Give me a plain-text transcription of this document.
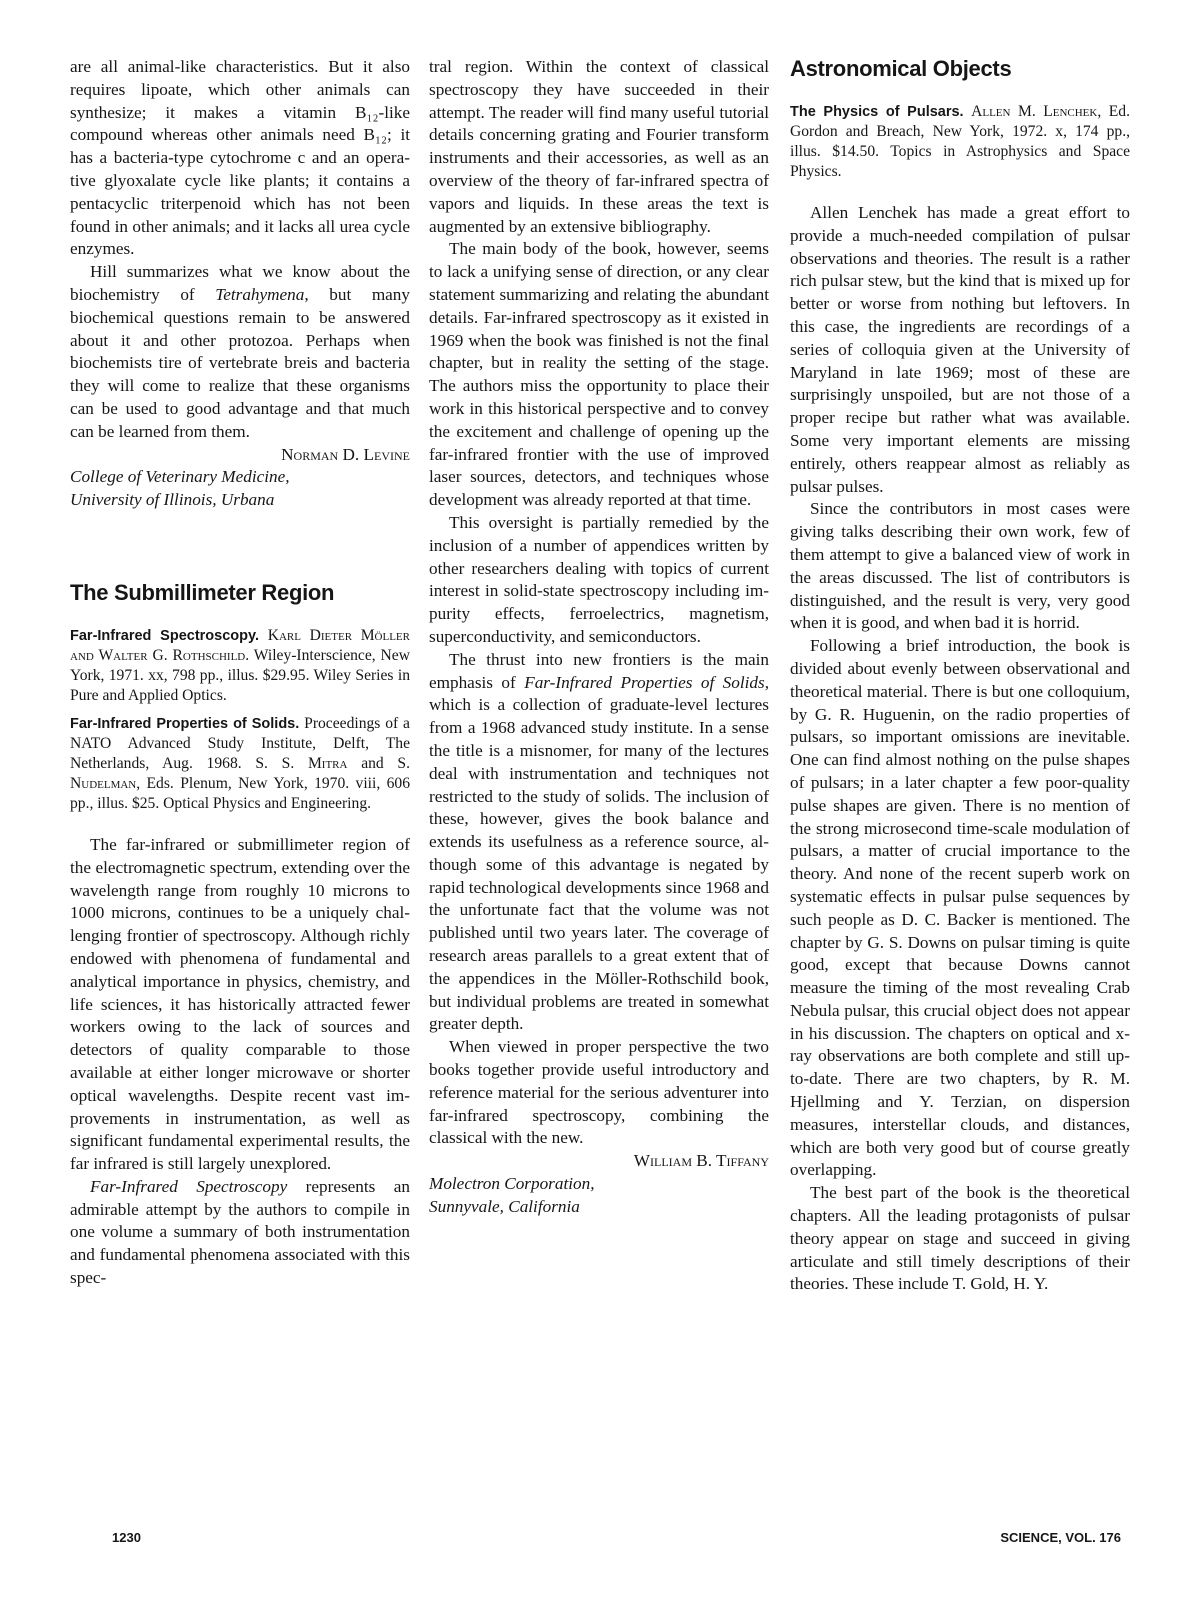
are all animal-like characteristics. But it also requires lipoate, which other animals can synthesize; it makes a vitamin B₁₂-like compound whereas other animals need B₁₂; it has a bacteria-type cytochrome c and an operative glyoxalate cycle like plants; it contains a pentacyclic triterpenoid which has not been found in other animals; and it lacks all urea cycle enzymes.

Hill summarizes what we know about the biochemistry of Tetrahymena, but many biochemical questions remain to be answered about it and other protozoa. Perhaps when biochemists tire of vertebrate breis and bacteria they will come to realize that these organisms can be used to good advantage and that much can be learned from them.

Norman D. Levine

College of Veterinary Medicine,

University of Illinois, Urbana

The Submillimeter Region

Far-Infrared Spectroscopy. Karl Dieter Möller and Walter G. Rothschild. Wiley-Interscience, New York, 1971. xx, 798 pp., illus. $29.95. Wiley Series in Pure and Applied Optics.

Far-Infrared Properties of Solids. Proceedings of a NATO Advanced Study Institute, Delft, The Netherlands, Aug. 1968. S. S. Mitra and S. Nudelman, Eds. Plenum, New York, 1970. viii, 606 pp., illus. $25. Optical Physics and Engineering.

The far-infrared or submillimeter region of the electromagnetic spectrum, extending over the wavelength range from roughly 10 microns to 1000 microns, continues to be a uniquely challenging frontier of spectroscopy. Although richly endowed with phenomena of fundamental and analytical importance in physics, chemistry, and life sciences, it has historically attracted fewer workers owing to the lack of sources and detectors of quality comparable to those available at either longer microwave or shorter optical wavelengths. Despite recent vast improvements in instrumentation, as well as significant fundamental experimental results, the far infrared is still largely unexplored.

Far-Infrared Spectroscopy represents an admirable attempt by the authors to compile in one volume a summary of both instrumentation and fundamental phenomena associated with this spec-

tral region. Within the context of classical spectroscopy they have succeeded in their attempt. The reader will find many useful tutorial details concerning grating and Fourier transform instruments and their accessories, as well as an overview of the theory of far-infrared spectra of vapors and liquids. In these areas the text is augmented by an extensive bibliography.

The main body of the book, however, seems to lack a unifying sense of direction, or any clear statement summarizing and relating the abundant details. Far-infrared spectroscopy as it existed in 1969 when the book was finished is not the final chapter, but in reality the setting of the stage. The authors miss the opportunity to place their work in this historical perspective and to convey the excitement and challenge of opening up the far-infrared frontier with the use of improved laser sources, detectors, and techniques whose development was already reported at that time.

This oversight is partially remedied by the inclusion of a number of appendices written by other researchers dealing with topics of current interest in solid-state spectroscopy including impurity effects, ferroelectrics, magnetism, superconductivity, and semiconductors.

The thrust into new frontiers is the main emphasis of Far-Infrared Properties of Solids, which is a collection of graduate-level lectures from a 1968 advanced study institute. In a sense the title is a misnomer, for many of the lectures deal with instrumentation and techniques not restricted to the study of solids. The inclusion of these, however, gives the book balance and extends its usefulness as a reference source, although some of this advantage is negated by rapid technological developments since 1968 and the unfortunate fact that the volume was not published until two years later. The coverage of research areas parallels to a great extent that of the appendices in the Möller-Rothschild book, but individual problems are treated in somewhat greater depth.

When viewed in proper perspective the two books together provide useful introductory and reference material for the serious adventurer into far-infrared spectroscopy, combining the classical with the new.

William B. Tiffany

Molectron Corporation,

Sunnyvale, California

Astronomical Objects

The Physics of Pulsars. Allen M. Lenchek, Ed. Gordon and Breach, New York, 1972. x, 174 pp., illus. $14.50. Topics in Astrophysics and Space Physics.

Allen Lenchek has made a great effort to provide a much-needed compilation of pulsar observations and theories. The result is a rather rich pulsar stew, but the kind that is mixed up for better or worse from nothing but leftovers. In this case, the ingredients are recordings of a series of colloquia given at the University of Maryland in late 1969; most of these are surprisingly unspoiled, but are not those of a proper recipe but rather what was available. Some very important elements are missing entirely, others reappear almost as reliably as pulsar pulses.

Since the contributors in most cases were giving talks describing their own work, few of them attempt to give a balanced view of work in the areas discussed. The list of contributors is distinguished, and the result is very, very good when it is good, and when bad it is horrid.

Following a brief introduction, the book is divided about evenly between observational and theoretical material. There is but one colloquium, by G. R. Huguenin, on the radio properties of pulsars, so important omissions are inevitable. One can find almost nothing on the pulse shapes of pulsars; in a later chapter a few poor-quality pulse shapes are given. There is no mention of the strong microsecond time-scale modulation of pulsars, a matter of crucial importance to the theory. And none of the recent superb work on systematic effects in pulsar pulse sequences by such people as D. C. Backer is mentioned. The chapter by G. S. Downs on pulsar timing is quite good, except that because Downs cannot measure the timing of the most revealing Crab Nebula pulsar, this crucial object does not appear in his discussion. The chapters on optical and x-ray observations are both complete and still up-to-date. There are two chapters, by R. M. Hjellming and Y. Terzian, on dispersion measures, interstellar clouds, and distances, which are both very good but of course greatly overlapping.

The best part of the book is the theoretical chapters. All the leading protagonists of pulsar theory appear on stage and succeed in giving articulate and still timely descriptions of their theories. These include T. Gold, H. Y.

1230	SCIENCE, VOL. 176
